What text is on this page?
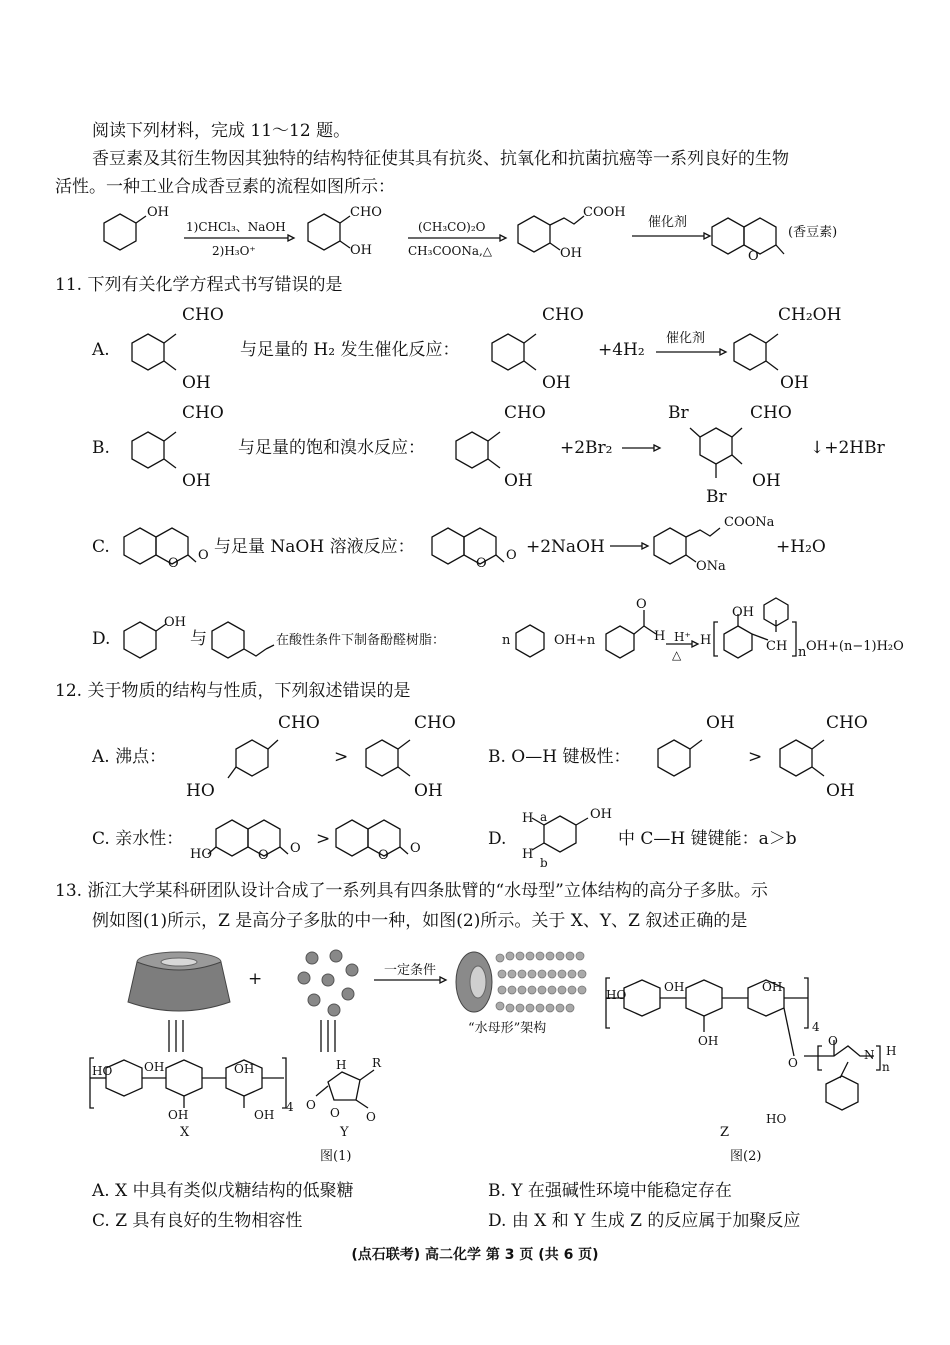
阅读下列材料，完成 11～12 题。
香豆素及其衍生物因其独特的结构特征使其具有抗炎、抗氧化和抗菌抗癌等一系列良好的生物
活性。一种工业合成香豆素的流程如图所示：
OH
1)CHCl₃、NaOH
2)H₃O⁺
CHO
OH
(CH₃CO)₂O
CH₃COONa,△
COOH
OH
催化剂
O
(香豆素)
11. 下列有关化学方程式书写错误的是
A.
CHO
OH
与足量的 H₂ 发生催化反应：
CHO
OH
+4H₂
催化剂
CH₂OH
OH
B.
CHO
OH
与足量的饱和溴水反应：
CHO
OH
+2Br₂
Br	CHO
OH
Br
↓+2HBr
C.
O
O 与足量 NaOH 溶液反应：
O
O +2NaOH
COONa
ONa
+H₂O
D.
OH
与	在酸性条件下制备酚醛树脂：	n	OH+n
O
H H⁺
△
H
OH
CH n OH+(n−1)H₂O
12. 关于物质的结构与性质，下列叙述错误的是
A. 沸点：
CHO
HO
>
CHO
OH
B. O—H 键极性：
OH
>
CHO
OH
C. 亲水性：
HO	O O >
O O	D.
H a
H
b
OH
中 C—H 键键能：a＞b
13. 浙江大学某科研团队设计合成了一系列具有四条肽臂的“水母型”立体结构的高分子多肽。示
例如图(1)所示，Z 是高分子多肽的中一种，如图(2)所示。关于 X、Y、Z 叙述正确的是
+	一定条件
“水母形”架构
HO	OH	OH
OH	OH
4
X
H R
O
O O
Y
图(1)
HO
OH	OH
OH
4
O
O
N H
n
HO
Z
图(2)
A. X 中具有类似戊糖结构的低聚糖	B. Y 在强碱性环境中能稳定存在
C. Z 具有良好的生物相容性	D. 由 X 和 Y 生成 Z 的反应属于加聚反应
(点石联考) 高二化学 第 3 页 (共 6 页)
